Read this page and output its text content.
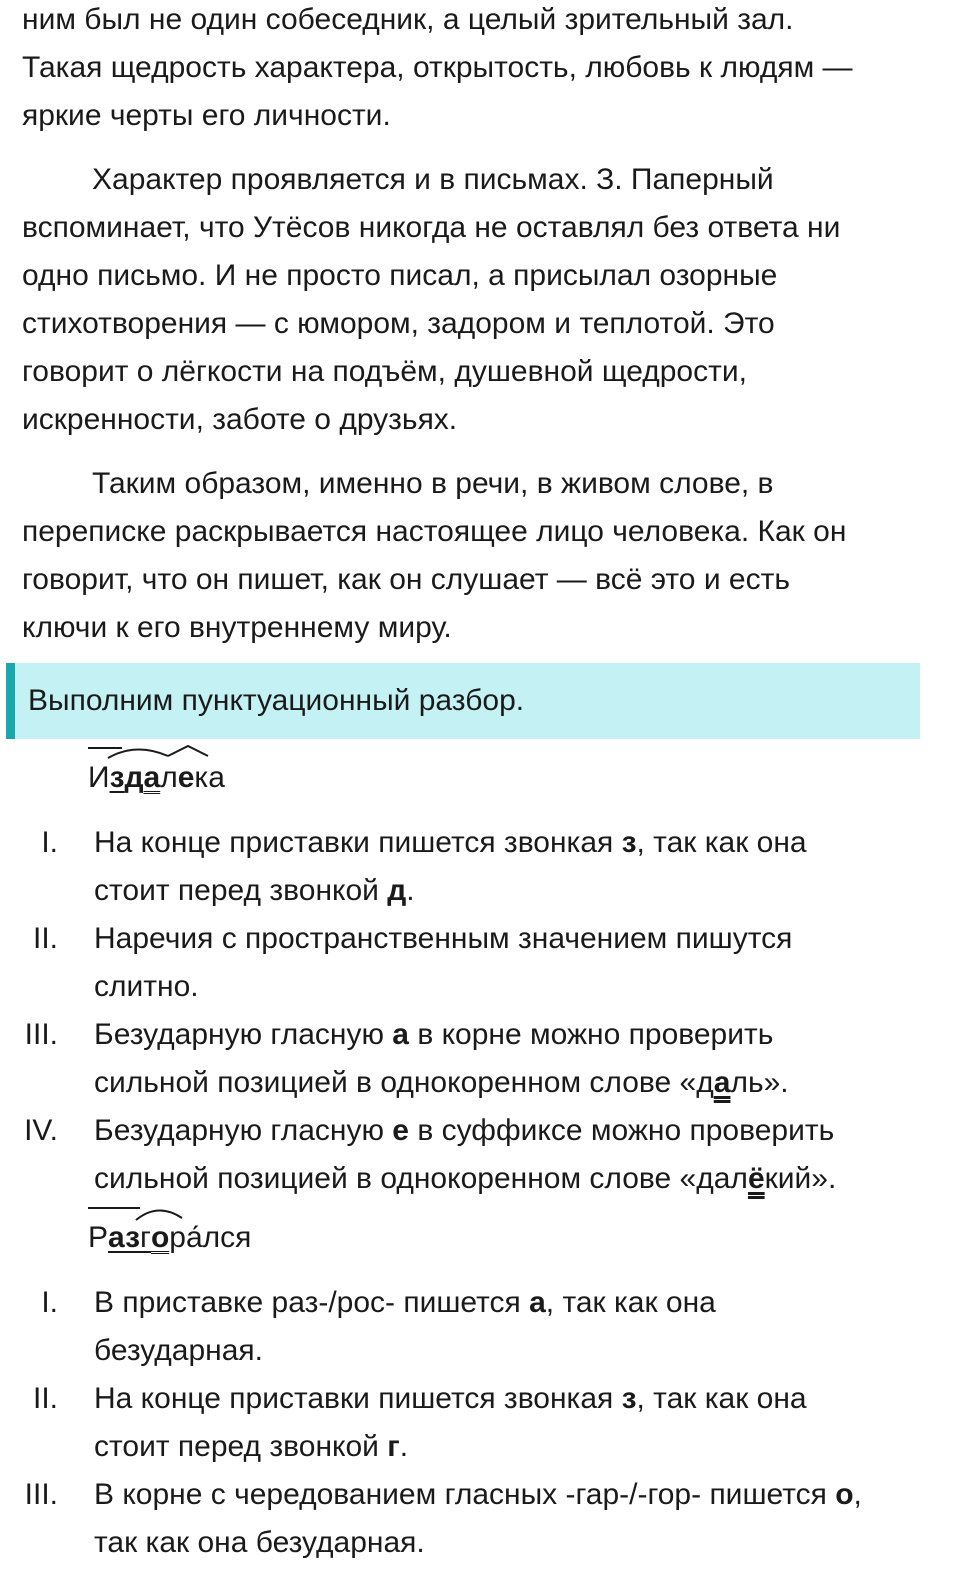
ним был не один собеседник, а целый зрительный зал.
Такая щедрость характера, открытость, любовь к людям —
яркие черты его личности.

Характер проявляется и в письмах. З. Паперный
вспоминает, что Утёсов никогда не оставлял без ответа ни
одно письмо. И не просто писал, а присылал озорные
стихотворения — с юмором, задором и теплотой. Это
говорит о лёгкости на подъём, душевной щедрости,
искренности, заботе о друзьях.

Таким образом, именно в речи, в живом слове, в
переписке раскрывается настоящее лицо человека. Как он
говорит, что он пишет, как он слушает — всё это и есть
ключи к его внутреннему миру.

Выполним пунктуационный разбор.
Издалека
I. На конце приставки пишется звонкая з, так как она
стоит перед звонкой д.
II. Наречия с пространственным значением пишутся
слитно.
III. Безударную гласную а в корне можно проверить
сильной позицией в однокоренном слове «даль».
IV. Безударную гласную е в суффиксе можно проверить
сильной позицией в однокоренном слове «далёкий».
Разгора́лся
I. В приставке раз-/рос- пишется а, так как она
безударная.
II. На конце приставки пишется звонкая з, так как она
стоит перед звонкой г.
III. В корне с чередованием гласных -гар-/-гор- пишется о,
так как она безударная.
